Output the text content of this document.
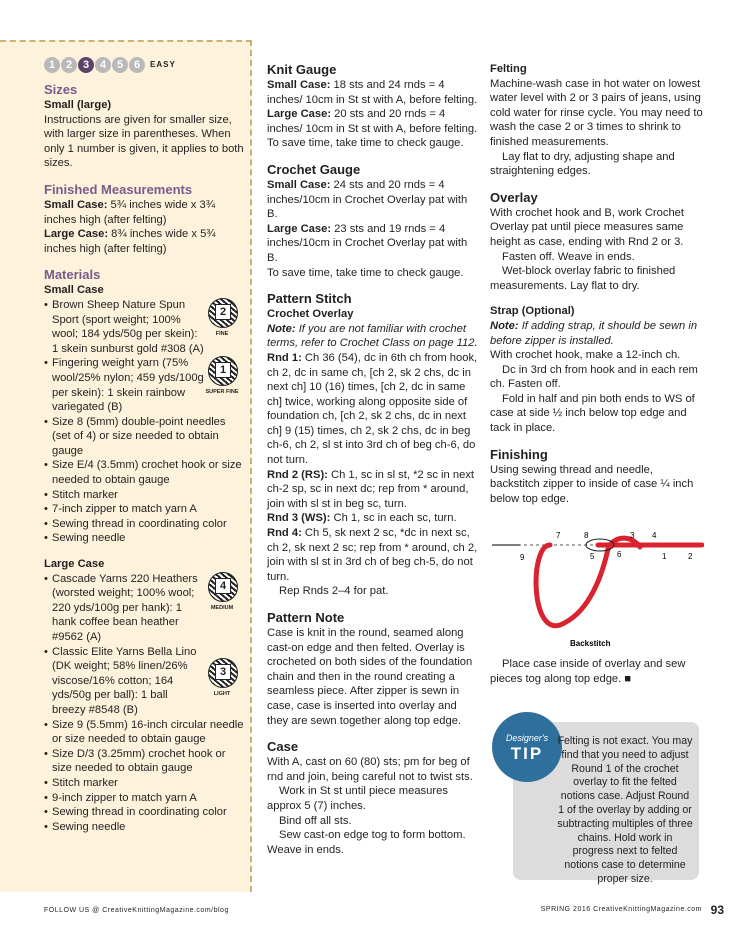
1 2 3 4 5 6	EASY
Sizes
Small (large)

Instructions are given for smaller size, with larger size in parentheses. When only 1 number is given, it applies to both sizes.

Finished Measurements

Small Case: 5¾ inches wide x 3¾ inches high (after felting)

Large Case: 8¾ inches wide x 5¾ inches high (after felting)

Materials
Small Case
2
FINE
1
SUPER FINE
• Brown Sheep Nature Spun Sport (sport weight; 100% wool; 184 yds/50g per skein): 1 skein sunburst gold #308 (A)
• Fingering weight yarn (75% wool/25% nylon; 459 yds/100g per skein): 1 skein rainbow variegated (B)
• Size 8 (5mm) double-point needles (set of 4) or size needed to obtain gauge
• Size E/4 (3.5mm) crochet hook or size needed to obtain gauge
• Stitch marker
• 7-inch zipper to match yarn A
• Sewing thread in coordinating color
• Sewing needle
Large Case
4
MEDIUM
3
LIGHT
• Cascade Yarns 220 Heathers (worsted weight; 100% wool; 220 yds/100g per hank): 1 hank coffee bean heather #9562 (A)
• Classic Elite Yarns Bella Lino (DK weight; 58% linen/26% viscose/16% cotton; 164 yds/50g per ball): 1 ball breezy #8548 (B)
• Size 9 (5.5mm) 16-inch circular needle or size needed to obtain gauge
• Size D/3 (3.25mm) crochet hook or size needed to obtain gauge
• Stitch marker
• 9-inch zipper to match yarn A
• Sewing thread in coordinating color
• Sewing needle
Knit Gauge

Small Case: 18 sts and 24 rnds = 4 inches/ 10cm in St st with A, before felting.

Large Case: 20 sts and 20 rnds = 4 inches/ 10cm in St st with A, before felting.

To save time, take time to check gauge.

Crochet Gauge

Small Case: 24 sts and 20 rnds = 4 inches/10cm in Crochet Overlay pat with B.

Large Case: 23 sts and 19 rnds = 4 inches/10cm in Crochet Overlay pat with B.

To save time, take time to check gauge.

Pattern Stitch
Crochet Overlay

Note: If you are not familiar with crochet terms, refer to Crochet Class on page 112.

Rnd 1: Ch 36 (54), dc in 6th ch from hook, ch 2, dc in same ch, [ch 2, sk 2 chs, dc in next ch] 10 (16) times, [ch 2, dc in same ch] twice, working along opposite side of foundation ch, [ch 2, sk 2 chs, dc in next ch] 9 (15) times, ch 2, sk 2 chs, dc in beg ch-6, ch 2, sl st into 3rd ch of beg ch-6, do not turn.

Rnd 2 (RS): Ch 1, sc in sl st, *2 sc in next ch-2 sp, sc in next dc; rep from * around, join with sl st in beg sc, turn.

Rnd 3 (WS): Ch 1, sc in each sc, turn.

Rnd 4: Ch 5, sk next 2 sc, *dc in next sc, ch 2, sk next 2 sc; rep from * around, ch 2, join with sl st in 3rd ch of beg ch-5, do not turn.

Rep Rnds 2–4 for pat.

Pattern Note

Case is knit in the round, seamed along cast-on edge and then felted. Overlay is crocheted on both sides of the foundation chain and then in the round creating a seamless piece. After zipper is sewn in case, case is inserted into overlay and they are sewn together along top edge.

Case

With A, cast on 60 (80) sts; pm for beg of rnd and join, being careful not to twist sts.

Work in St st until piece measures approx 5 (7) inches.

Bind off all sts.

Sew cast-on edge tog to form bottom. Weave in ends.

Felting

Machine-wash case in hot water on lowest water level with 2 or 3 pairs of jeans, using cold water for rinse cycle. You may need to wash the case 2 or 3 times to shrink to finished measurements.

Lay flat to dry, adjusting shape and straightening edges.

Overlay

With crochet hook and B, work Crochet Overlay pat until piece measures same height as case, ending with Rnd 2 or 3.

Fasten off. Weave in ends.

Wet-block overlay fabric to finished measurements. Lay flat to dry.

Strap (Optional)

Note: If adding strap, it should be sewn in before zipper is installed.

With crochet hook, make a 12-inch ch.

Dc in 3rd ch from hook and in each rem ch. Fasten off.

Fold in half and pin both ends to WS of case at side ½ inch below top edge and tack in place.

Finishing

Using sewing thread and needle, backstitch zipper to inside of case ¼ inch below top edge.

7	8	3 4
9	5	6	1	2
Backstitch

Place case inside of overlay and sew pieces tog along top edge. ■

Designer's
TIP
Felting is not exact. You may find that you need to adjust Round 1 of the crochet overlay to fit the felted notions case. Adjust Round 1 of the overlay by adding or subtracting multiples of three chains. Hold work in progress next to felted notions case to determine proper size.
FOLLOW US @ CreativeKnittingMagazine.com/blog	SPRING 2016 CreativeKnittingMagazine.com 93
